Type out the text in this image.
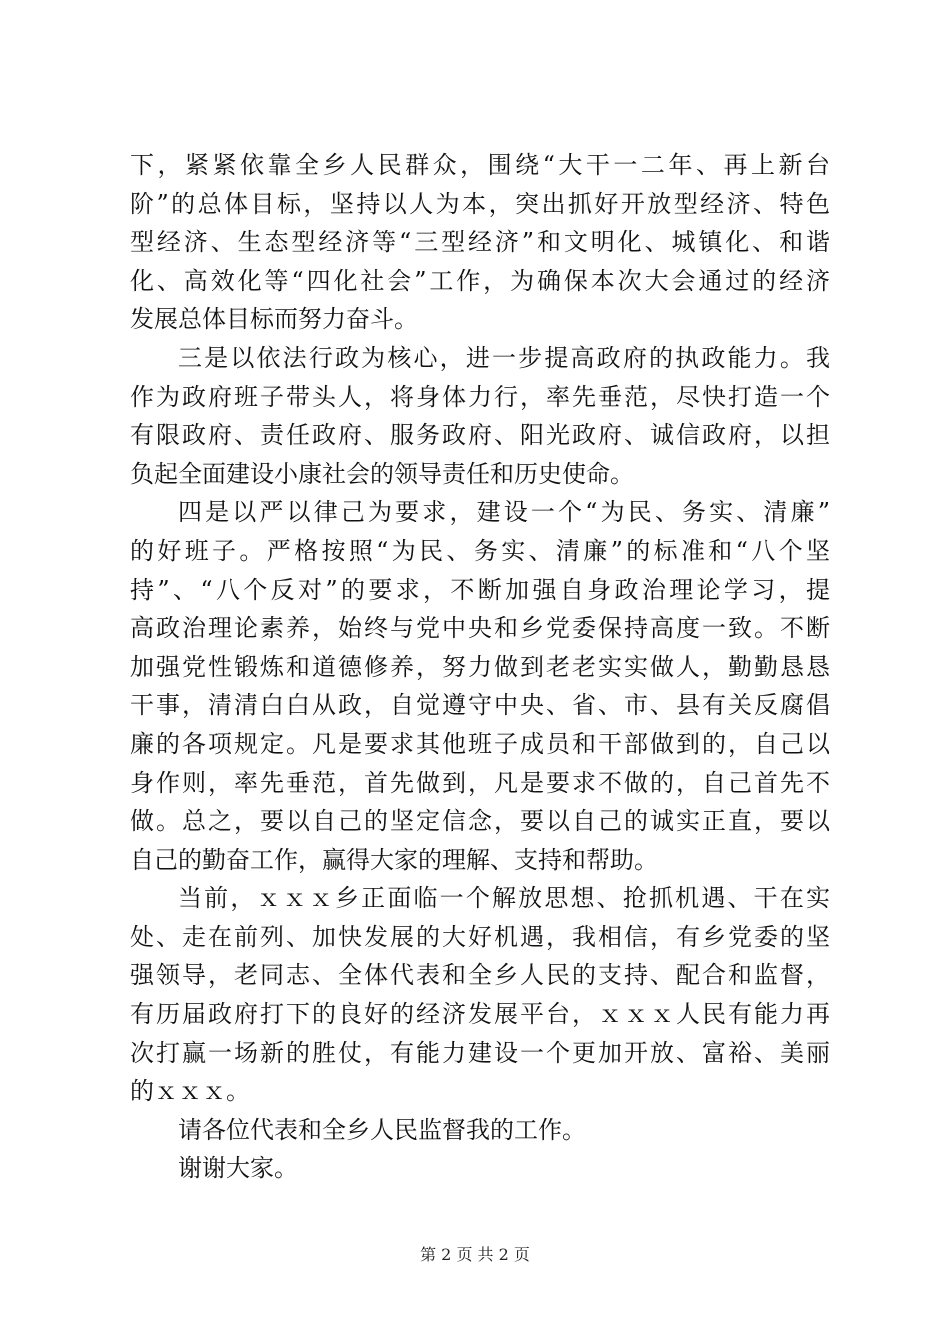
下，紧紧依靠全乡人民群众，围绕“大干一二年、再上新台
阶”的总体目标，坚持以人为本，突出抓好开放型经济、特色
型经济、生态型经济等“三型经济”和文明化、城镇化、和谐
化、高效化等“四化社会”工作，为确保本次大会通过的经济
发展总体目标而努力奋斗。
三是以依法行政为核心，进一步提高政府的执政能力。我
作为政府班子带头人，将身体力行，率先垂范，尽快打造一个
有限政府、责任政府、服务政府、阳光政府、诚信政府，以担
负起全面建设小康社会的领导责任和历史使命。
四是以严以律己为要求，建设一个“为民、务实、清廉”
的好班子。严格按照“为民、务实、清廉”的标准和“八个坚
持”、“八个反对”的要求，不断加强自身政治理论学习，提
高政治理论素养，始终与党中央和乡党委保持高度一致。不断
加强党性锻炼和道德修养，努力做到老老实实做人，勤勤恳恳
干事，清清白白从政，自觉遵守中央、省、市、县有关反腐倡
廉的各项规定。凡是要求其他班子成员和干部做到的，自己以
身作则，率先垂范，首先做到，凡是要求不做的，自己首先不
做。总之，要以自己的坚定信念，要以自己的诚实正直，要以
自己的勤奋工作，赢得大家的理解、支持和帮助。
当前，ｘｘｘ乡正面临一个解放思想、抢抓机遇、干在实
处、走在前列、加快发展的大好机遇，我相信，有乡党委的坚
强领导，老同志、全体代表和全乡人民的支持、配合和监督，
有历届政府打下的良好的经济发展平台，ｘｘｘ人民有能力再
次打赢一场新的胜仗，有能力建设一个更加开放、富裕、美丽
的ｘｘｘ。
请各位代表和全乡人民监督我的工作。
谢谢大家。
第 2 页 共 2 页
